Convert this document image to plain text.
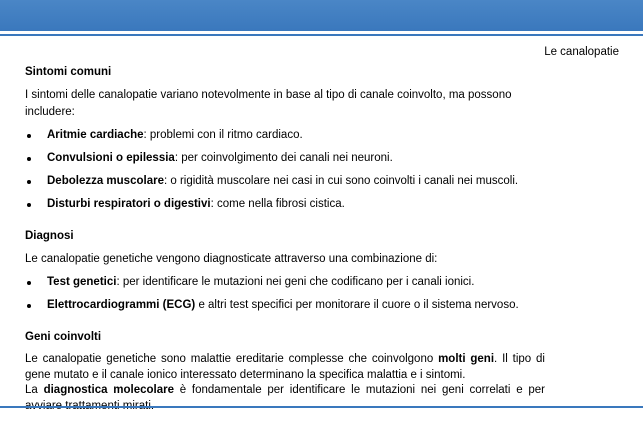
Le canalopatie
Sintomi comuni

I sintomi delle canalopatie variano notevolmente in base al tipo di canale coinvolto, ma possono includere:

Aritmie cardiache: problemi con il ritmo cardiaco.
Convulsioni o epilessia: per coinvolgimento dei canali nei neuroni.
Debolezza muscolare: o rigidità muscolare nei casi in cui sono coinvolti i canali nei muscoli.
Disturbi respiratori o digestivi: come nella fibrosi cistica.
Diagnosi

Le canalopatie genetiche vengono diagnosticate attraverso una combinazione di:

Test genetici: per identificare le mutazioni nei geni che codificano per i canali ionici.
Elettrocardiogrammi (ECG) e altri test specifici per monitorare il cuore o il sistema nervoso.
Geni coinvolti

Le canalopatie genetiche sono malattie ereditarie complesse che coinvolgono molti geni. Il tipo di gene mutato e il canale ionico interessato determinano la specifica malattia e i sintomi.

La diagnostica molecolare è fondamentale per identificare le mutazioni nei geni correlati e per
